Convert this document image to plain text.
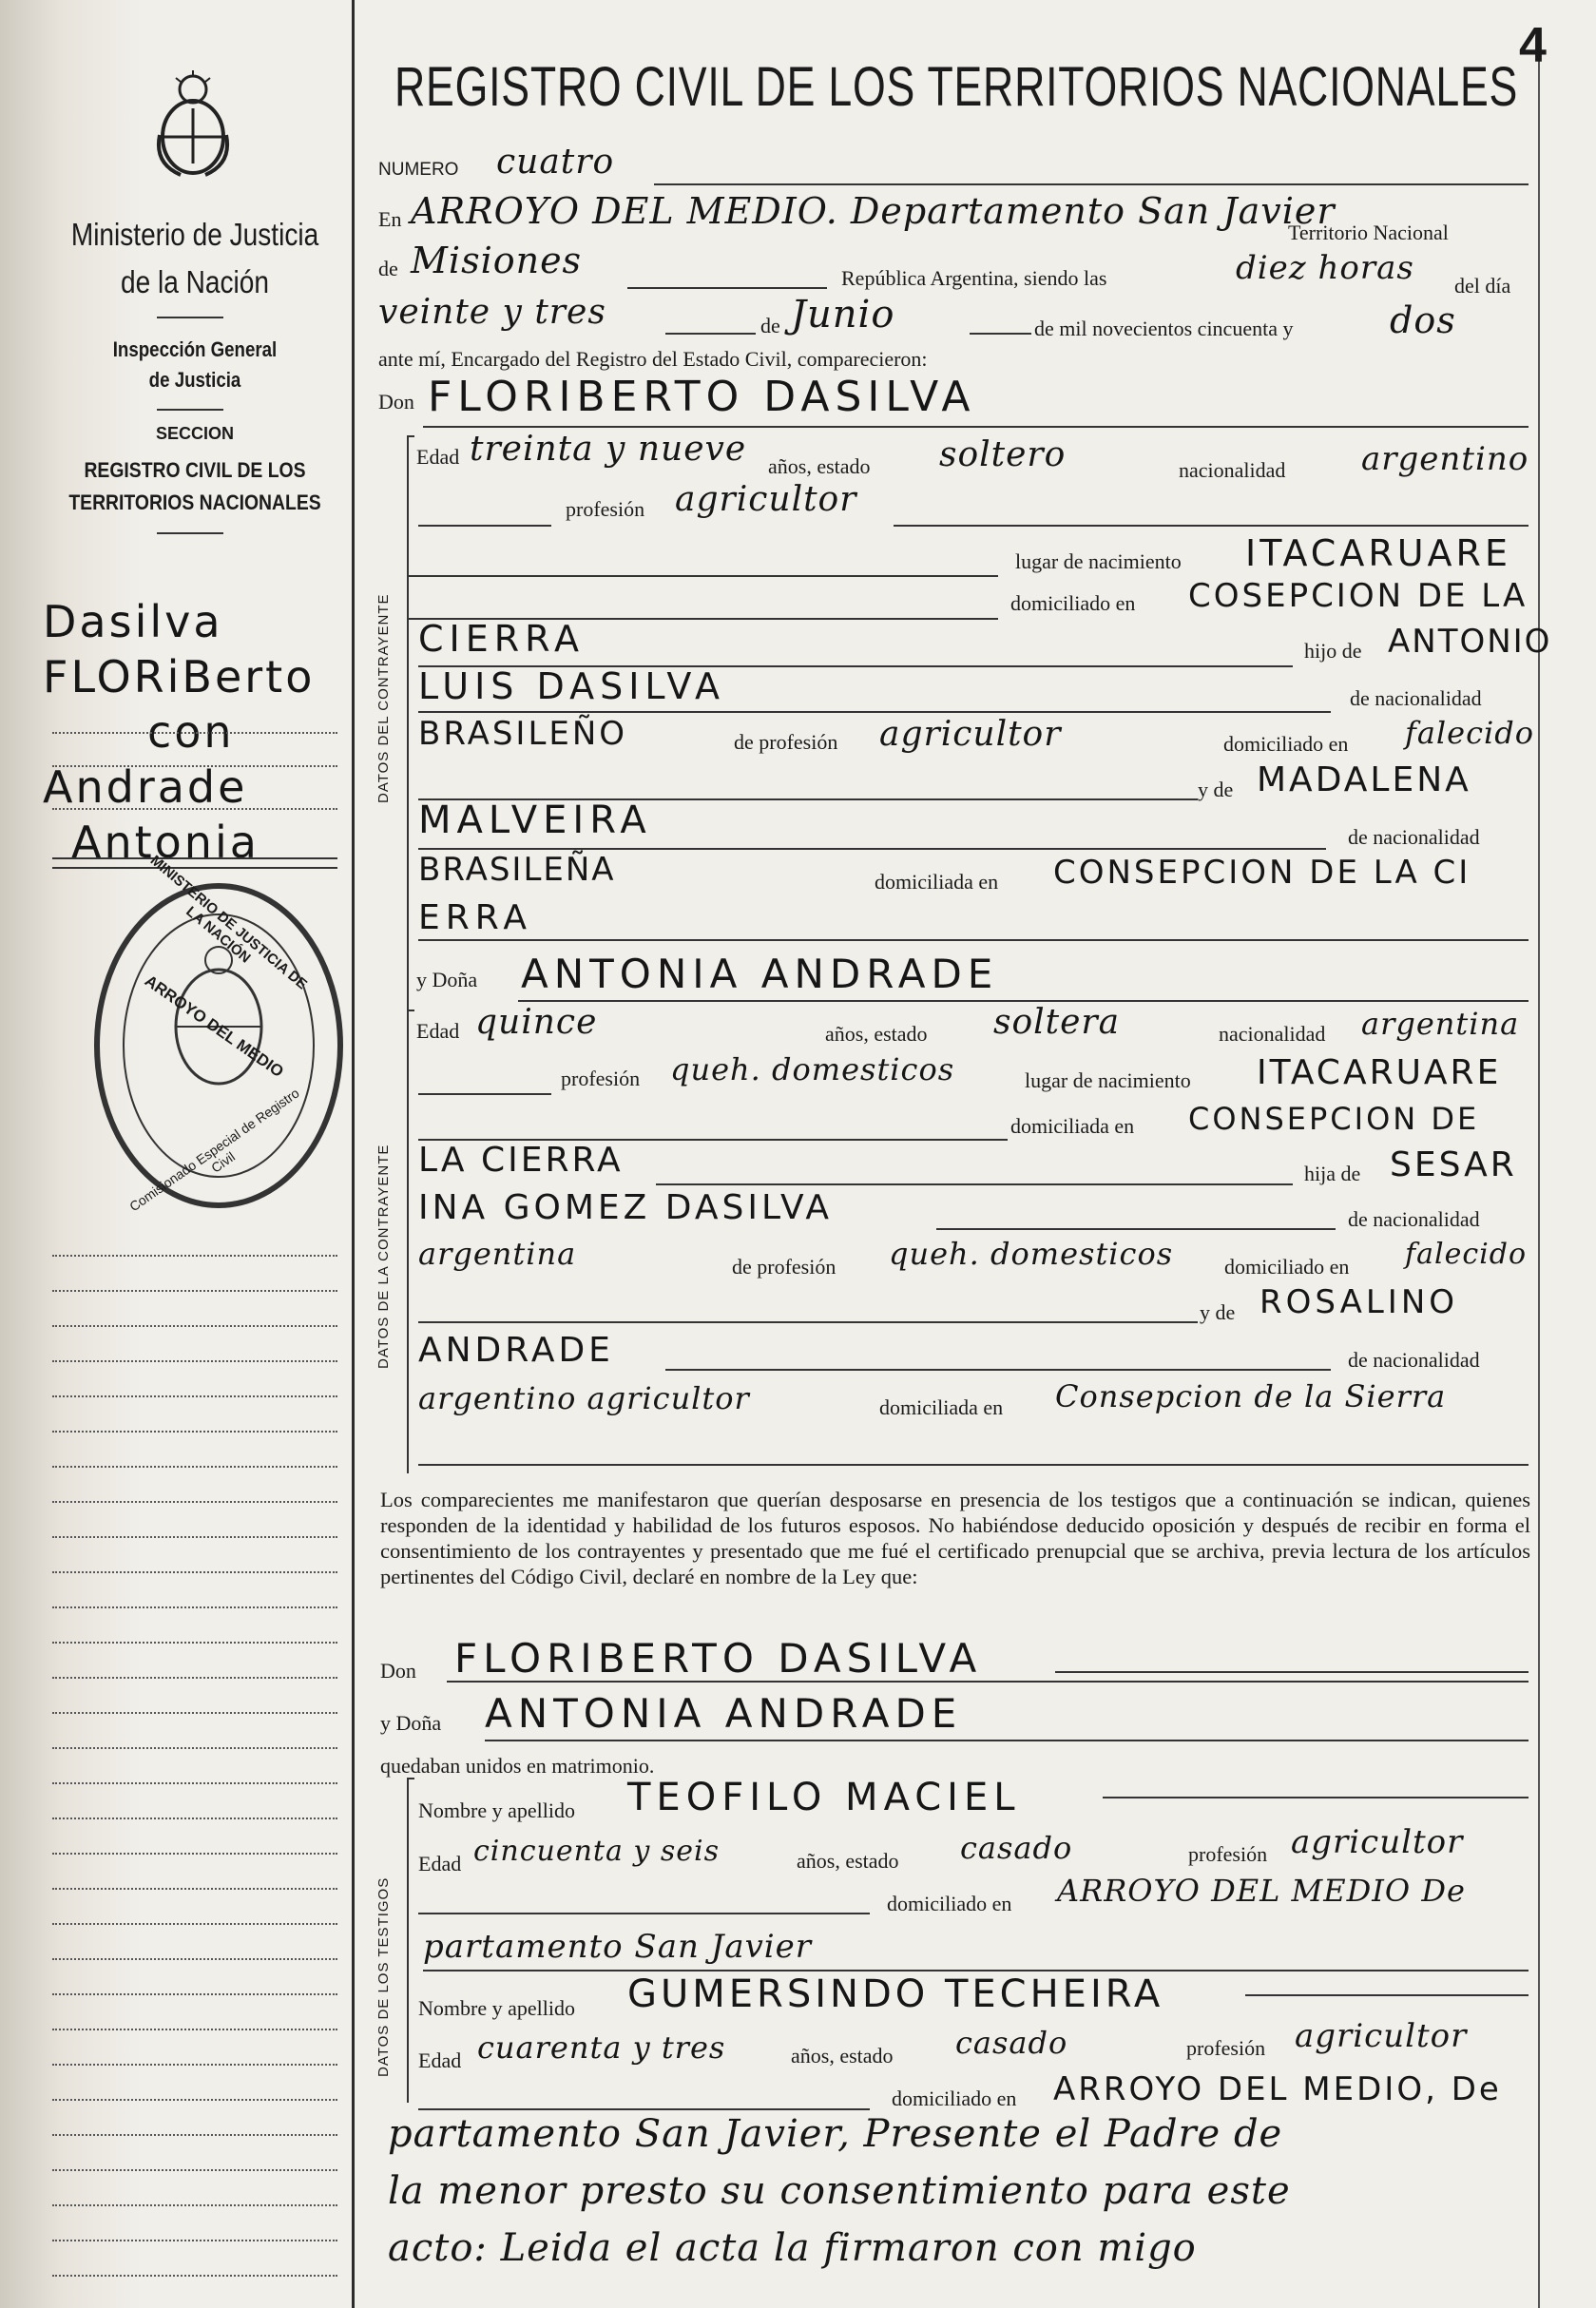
Ministerio de Justicia
de la Nación
Inspección General
de Justicia
SECCION
REGISTRO CIVIL DE LOS
TERRITORIOS NACIONALES
Dasilva
FLORiBerto
con
Andrade
Antonia
ARROYO DEL MEDIO
MINISTERIO DE JUSTICIA DE LA NACIÓN
Comisionado Especial de Registro Civil
4
REGISTRO CIVIL DE LOS TERRITORIOS NACIONALES
NUMERO cuatro
En ARROYO DEL MEDIO. Departamento San Javier
Territorio Nacional
de Misiones	República Argentina, siendo las	diez horas del día
veinte y tres	de Junio	de mil novecientos cincuenta y	dos
ante mí, Encargado del Registro del Estado Civil, comparecieron:
Don FLORIBERTO DASILVA
DATOS DEL CONTRAYENTE
Edad treinta y nueve años, estado soltero	nacionalidad argentino
profesión agricultor
lugar de nacimiento ITACARUARE
domiciliado en COSEPCION DE LA
CIERRA	hijo de ANTONIO
LUIS DASILVA	de nacionalidad
BRASILEÑO	de profesión agricultor	domiciliado en falecido
y de MADALENA
MALVEIRA	de nacionalidad
BRASILEÑA	domiciliada en CONSEPCION DE LA CI
ERRA
y Doña ANTONIA ANDRADE
DATOS DE LA CONTRAYENTE
Edad quince	años, estado soltera	nacionalidad argentina
profesión queh. domesticos	lugar de nacimiento ITACARUARE
domiciliada en CONSEPCION DE
LA CIERRA	hija de SESAR
INA GOMEZ DASILVA	de nacionalidad
argentina	de profesión queh. domesticos domiciliado en falecido
y de ROSALINO
ANDRADE	de nacionalidad
argentino agricultor	domiciliada en Consepcion de la Sierra
Los comparecientes me manifestaron que querían desposarse en presencia de los testigos que a continuación se indican, quienes responden de la identidad y habilidad de los futuros esposos. No habiéndose deducido oposición y después de recibir en forma el consentimiento de los contrayentes y presentado que me fué el certificado prenupcial que se archiva, previa lectura de los artículos pertinentes del Código Civil, declaré en nombre de la Ley que:
Don FLORIBERTO DASILVA
y Doña ANTONIA ANDRADE
quedaban unidos en matrimonio.
DATOS DE LOS TESTIGOS
Nombre y apellido TEOFILO MACIEL
Edad cincuenta y seis	años, estado casado	profesión agricultor
domiciliado en ARROYO DEL MEDIO De
partamento San Javier
Nombre y apellido GUMERSINDO TECHEIRA
Edad cuarenta y tres	años, estado casado	profesión agricultor
domiciliado en ARROYO DEL MEDIO, De
partamento San Javier, Presente el Padre de
la menor presto su consentimiento para este
acto: Leida el acta la firmaron con migo
